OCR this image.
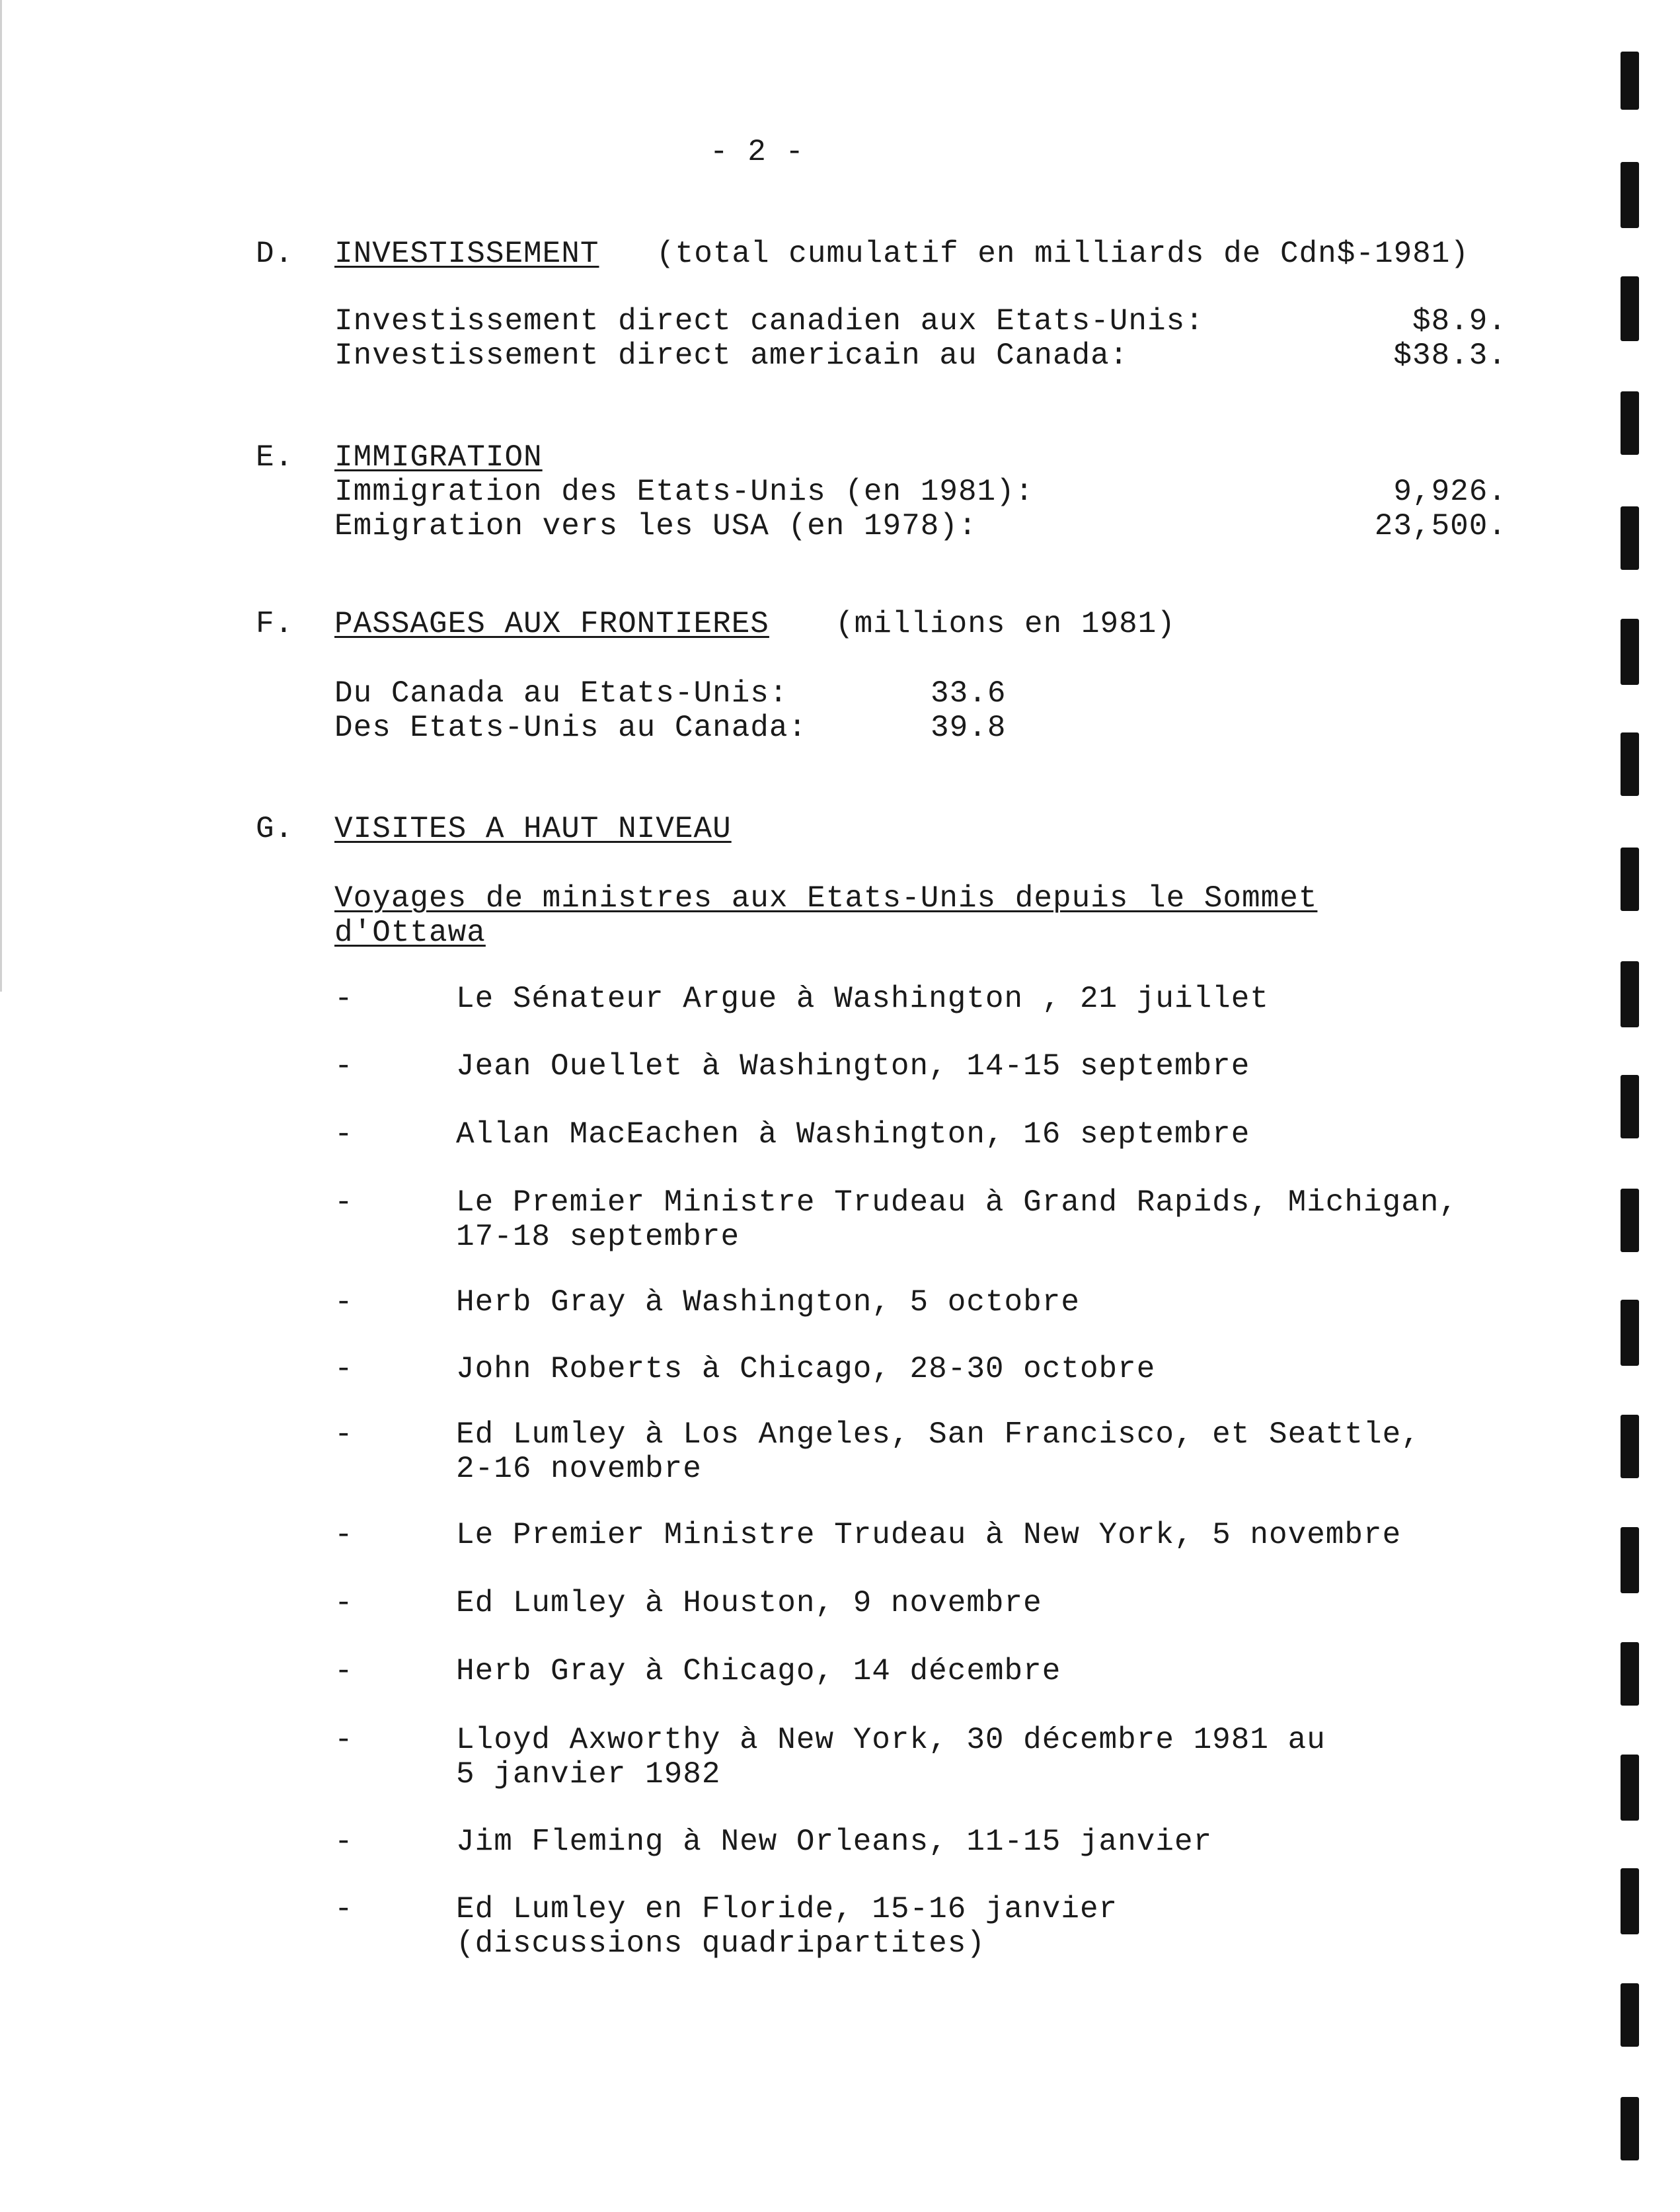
- 2 -
D. INVESTISSEMENT (total cumulatif en milliards de Cdn$-1981)
Investissement direct canadien aux Etats-Unis:	$8.9.
Investissement direct americain au Canada:	$38.3.
E. IMMIGRATION
Immigration des Etats-Unis (en 1981):	9,926.
Emigration vers les USA (en 1978):	23,500.
F. PASSAGES AUX FRONTIERES (millions en 1981)
Du Canada au Etats-Unis:	33.6
Des Etats-Unis au Canada:	39.8
G. VISITES A HAUT NIVEAU
Voyages de ministres aux Etats-Unis depuis le Sommet
d'Ottawa
-	Le Sénateur Argue à Washington , 21 juillet
-	Jean Ouellet à Washington, 14-15 septembre
-	Allan MacEachen à Washington, 16 septembre
-	Le Premier Ministre Trudeau à Grand Rapids, Michigan,
17-18 septembre
-	Herb Gray à Washington, 5 octobre
-	John Roberts à Chicago, 28-30 octobre
-	Ed Lumley à Los Angeles, San Francisco, et Seattle,
2-16 novembre
-	Le Premier Ministre Trudeau à New York, 5 novembre
-	Ed Lumley à Houston, 9 novembre
-	Herb Gray à Chicago, 14 décembre
-	Lloyd Axworthy à New York, 30 décembre 1981 au
5 janvier 1982
-	Jim Fleming à New Orleans, 11-15 janvier
-	Ed Lumley en Floride, 15-16 janvier
(discussions quadripartites)
